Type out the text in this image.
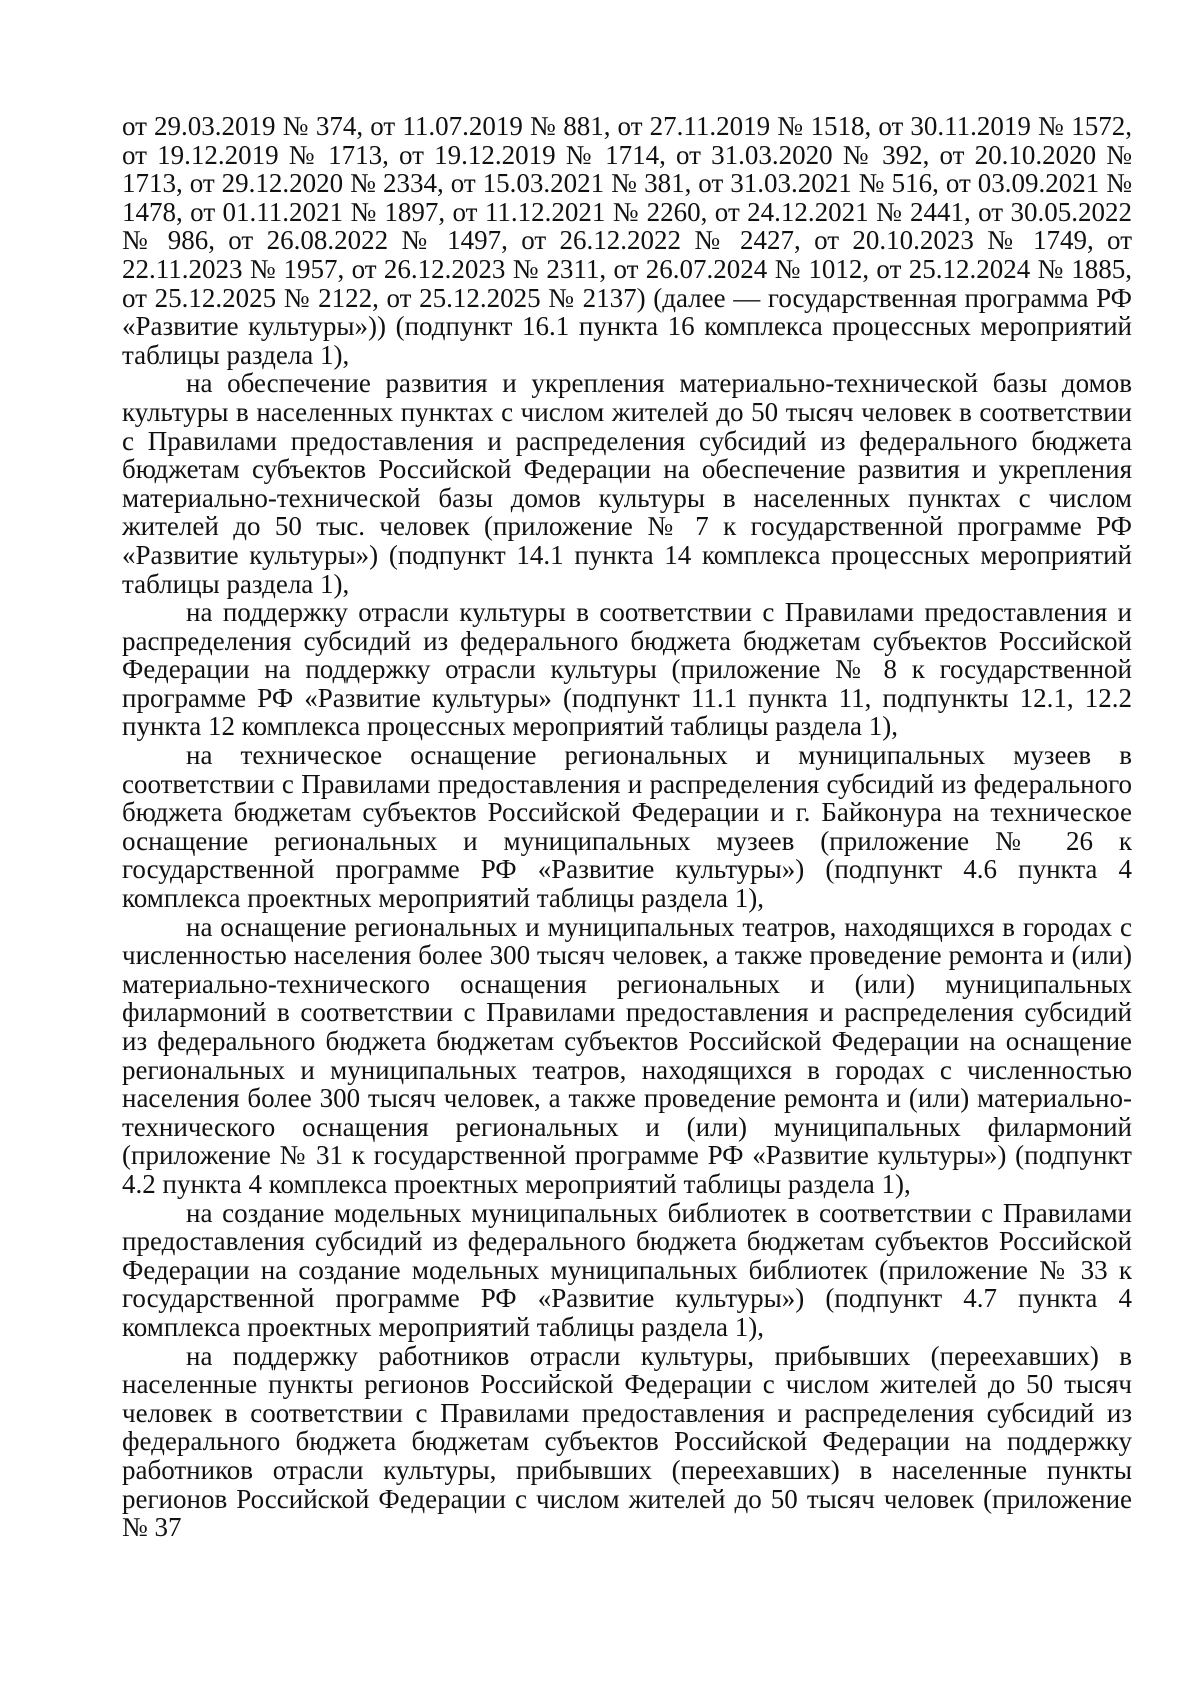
от 29.03.2019 № 374, от 11.07.2019 № 881, от 27.11.2019 № 1518, от 30.11.2019 № 1572, от 19.12.2019 № 1713, от 19.12.2019 № 1714, от 31.03.2020 № 392, от 20.10.2020 № 1713, от 29.12.2020 № 2334, от 15.03.2021 № 381, от 31.03.2021 № 516, от 03.09.2021 № 1478, от 01.11.2021 № 1897, от 11.12.2021 № 2260, от 24.12.2021 № 2441, от 30.05.2022 № 986, от 26.08.2022 № 1497, от 26.12.2022 № 2427, от 20.10.2023 № 1749, от 22.11.2023 № 1957, от 26.12.2023 № 2311, от 26.07.2024 № 1012, от 25.12.2024 № 1885, от 25.12.2025 № 2122, от 25.12.2025 № 2137) (далее — государственная программа РФ «Развитие культуры»)) (подпункт 16.1 пункта 16 комплекса процессных мероприятий таблицы раздела 1),

на обеспечение развития и укрепления материально-технической базы домов культуры в населенных пунктах с числом жителей до 50 тысяч человек в соответствии с Правилами предоставления и распределения субсидий из федерального бюджета бюджетам субъектов Российской Федерации на обеспечение развития и укрепления материально-технической базы домов культуры в населенных пунктах с числом жителей до 50 тыс. человек (приложение № 7 к государственной программе РФ «Развитие культуры») (подпункт 14.1 пункта 14 комплекса процессных мероприятий таблицы раздела 1),

на поддержку отрасли культуры в соответствии с Правилами предоставления и распределения субсидий из федерального бюджета бюджетам субъектов Российской Федерации на поддержку отрасли культуры (приложение № 8 к государственной программе РФ «Развитие культуры» (подпункт 11.1 пункта 11, подпункты 12.1, 12.2 пункта 12 комплекса процессных мероприятий таблицы раздела 1),

на техническое оснащение региональных и муниципальных музеев в соответствии с Правилами предоставления и распределения субсидий из федерального бюджета бюджетам субъектов Российской Федерации и г. Байконура на техническое оснащение региональных и муниципальных музеев (приложение № 26 к государственной программе РФ «Развитие культуры») (подпункт 4.6 пункта 4 комплекса проектных мероприятий таблицы раздела 1),

на оснащение региональных и муниципальных театров, находящихся в городах с численностью населения более 300 тысяч человек, а также проведение ремонта и (или) материально-технического оснащения региональных и (или) муниципальных филармоний в соответствии с Правилами предоставления и распределения субсидий из федерального бюджета бюджетам субъектов Российской Федерации на оснащение региональных и муниципальных театров, находящихся в городах с численностью населения более 300 тысяч человек, а также проведение ремонта и (или) материально-технического оснащения региональных и (или) муниципальных филармоний (приложение № 31 к государственной программе РФ «Развитие культуры») (подпункт 4.2 пункта 4 комплекса проектных мероприятий таблицы раздела 1),

на создание модельных муниципальных библиотек в соответствии с Правилами предоставления субсидий из федерального бюджета бюджетам субъектов Российской Федерации на создание модельных муниципальных библиотек (приложение № 33 к государственной программе РФ «Развитие культуры») (подпункт 4.7 пункта 4 комплекса проектных мероприятий таблицы раздела 1),

на поддержку работников отрасли культуры, прибывших (переехавших) в населенные пункты регионов Российской Федерации с числом жителей до 50 тысяч человек в соответствии с Правилами предоставления и распределения субсидий из федерального бюджета бюджетам субъектов Российской Федерации на поддержку работников отрасли культуры, прибывших (переехавших) в населенные пункты регионов Российской Федерации с числом жителей до 50 тысяч человек (приложение № 37
